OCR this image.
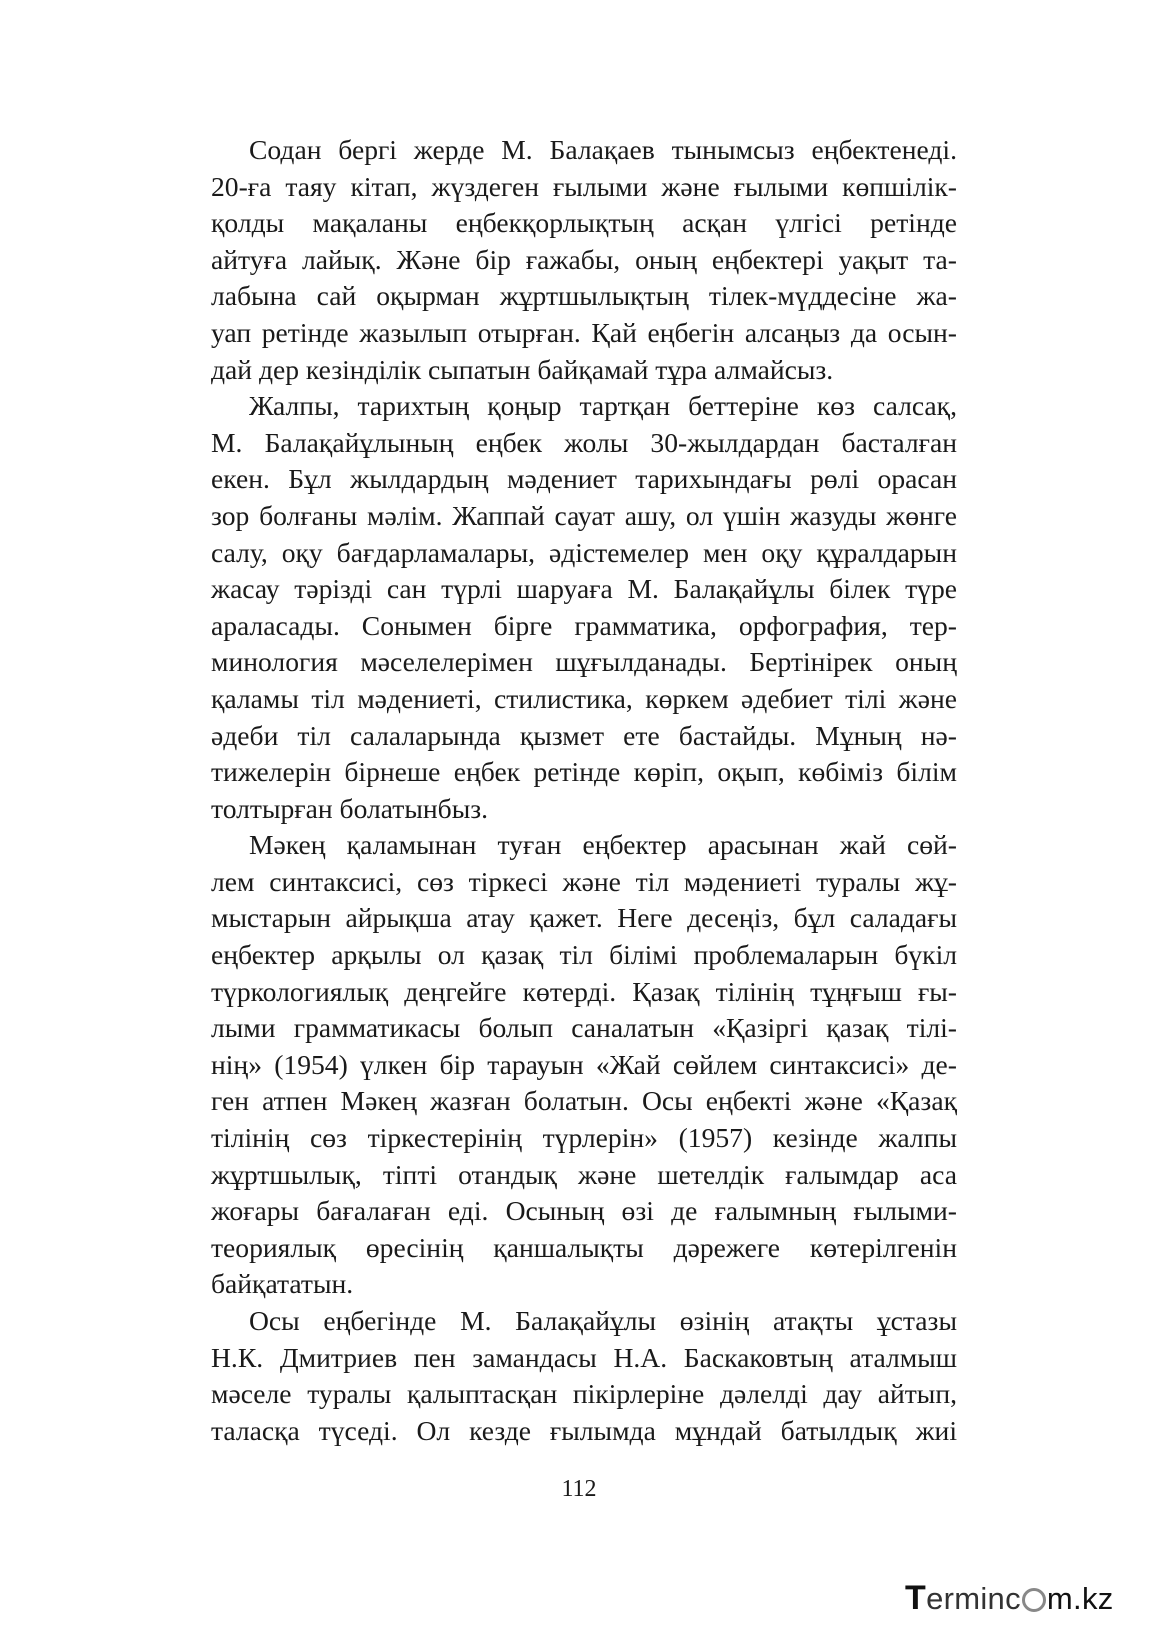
Содан бергі жерде М. Балақаев тынымсыз еңбектенеді.
20-ға таяу кітап, жүздеген ғылыми және ғылыми көпшілік-
қолды мақаланы еңбекқорлықтың асқан үлгісі ретінде
айтуға лайық. Және бір ғажабы, оның еңбектері уақыт та-
лабына сай оқырман жұртшылықтың тілек-мүддесіне жа-
уап ретінде жазылып отырған. Қай еңбегін алсаңыз да осын-
дай дер кезінділік сыпатын байқамай тұра алмайсыз.
Жалпы, тарихтың қоңыр тартқан беттеріне көз салсақ,
М. Балақайұлының еңбек жолы 30-жылдардан басталған
екен. Бұл жылдардың мәдениет тарихындағы рөлі орасан
зор болғаны мәлім. Жаппай сауат ашу, ол үшін жазуды жөнге
салу, оқу бағдарламалары, әдістемелер мен оқу құралдарын
жасау тәрізді сан түрлі шаруаға М. Балақайұлы білек түре
араласады. Сонымен бірге грамматика, орфография, тер-
минология мәселелерімен шұғылданады. Бертінірек оның
қаламы тіл мәдениеті, стилистика, көркем әдебиет тілі және
әдеби тіл салаларында қызмет ете бастайды. Мұның нә-
тижелерін бірнеше еңбек ретінде көріп, оқып, көбіміз білім
толтырған болатынбыз.
Мәкең қаламынан туған еңбектер арасынан жай сөй-
лем синтаксисі, сөз тіркесі және тіл мәдениеті туралы жұ-
мыстарын айрықша атау қажет. Неге десеңіз, бұл саладағы
еңбектер арқылы ол қазақ тіл білімі проблемаларын бүкіл
түркологиялық деңгейге көтерді. Қазақ тілінің тұңғыш ғы-
лыми грамматикасы болып саналатын «Қазіргі қазақ тілі-
нің» (1954) үлкен бір тарауын «Жай сөйлем синтаксисі» де-
ген атпен Мәкең жазған болатын. Осы еңбекті және «Қазақ
тілінің сөз тіркестерінің түрлерін» (1957) кезінде жалпы
жұртшылық, тіпті отандық және шетелдік ғалымдар аса
жоғары бағалаған еді. Осының өзі де ғалымның ғылыми-
теориялық өресінің қаншалықты дәрежеге көтерілгенін
байқататын.
Осы еңбегінде М. Балақайұлы өзінің атақты ұстазы
Н.К. Дмитриев пен замандасы Н.А. Баскаковтың аталмыш
мәселе туралы қалыптасқан пікірлеріне дәлелді дау айтып,
таласқа түседі. Ол кезде ғылымда мұндай батылдық жиі
112
Terminc m.kz
